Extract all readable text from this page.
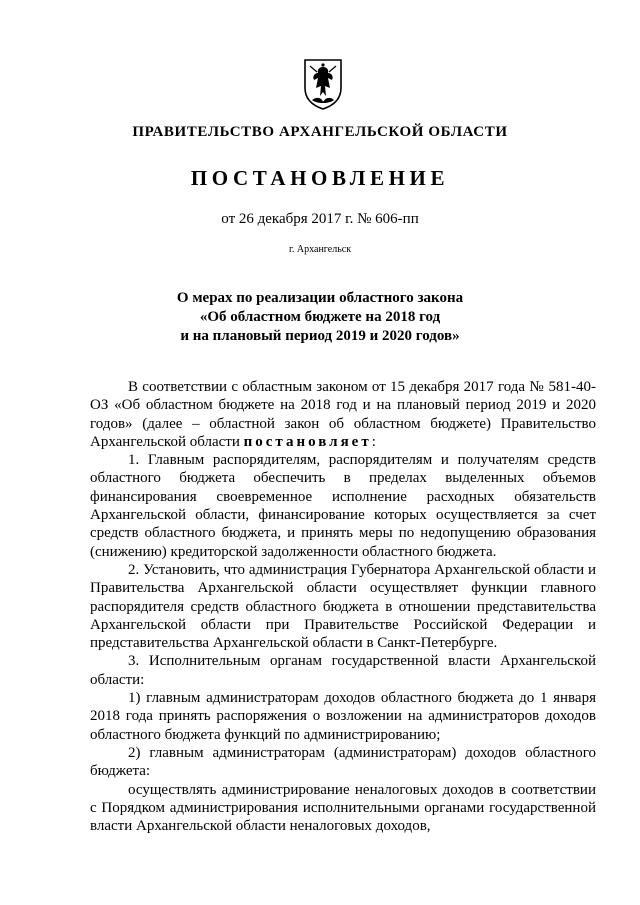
ПРАВИТЕЛЬСТВО АРХАНГЕЛЬСКОЙ ОБЛАСТИ
ПОСТАНОВЛЕНИЕ
от 26 декабря 2017 г. № 606-пп
г. Архангельск
О мерах по реализации областного закона
«Об областном бюджете на 2018 год
и на плановый период 2019 и 2020 годов»

В соответствии с областным законом от 15 декабря 2017 года № 581-40-ОЗ «Об областном бюджете на 2018 год и на плановый период 2019 и 2020 годов» (далее – областной закон об областном бюджете) Правительство Архангельской области постановляет:

1. Главным распорядителям, распорядителям и получателям средств областного бюджета обеспечить в пределах выделенных объемов финансирования своевременное исполнение расходных обязательств Архангельской области, финансирование которых осуществляется за счет средств областного бюджета, и принять меры по недопущению образования (снижению) кредиторской задолженности областного бюджета.

2. Установить, что администрация Губернатора Архангельской области и Правительства Архангельской области осуществляет функции главного распорядителя средств областного бюджета в отношении представительства Архангельской области при Правительстве Российской Федерации и представительства Архангельской области в Санкт-Петербурге.

3. Исполнительным органам государственной власти Архангельской области:

1) главным администраторам доходов областного бюджета до 1 января 2018 года принять распоряжения о возложении на администраторов доходов областного бюджета функций по администрированию;

2) главным администраторам (администраторам) доходов областного бюджета:

осуществлять администрирование неналоговых доходов в соответствии с Порядком администрирования исполнительными органами государственной власти Архангельской области неналоговых доходов,
